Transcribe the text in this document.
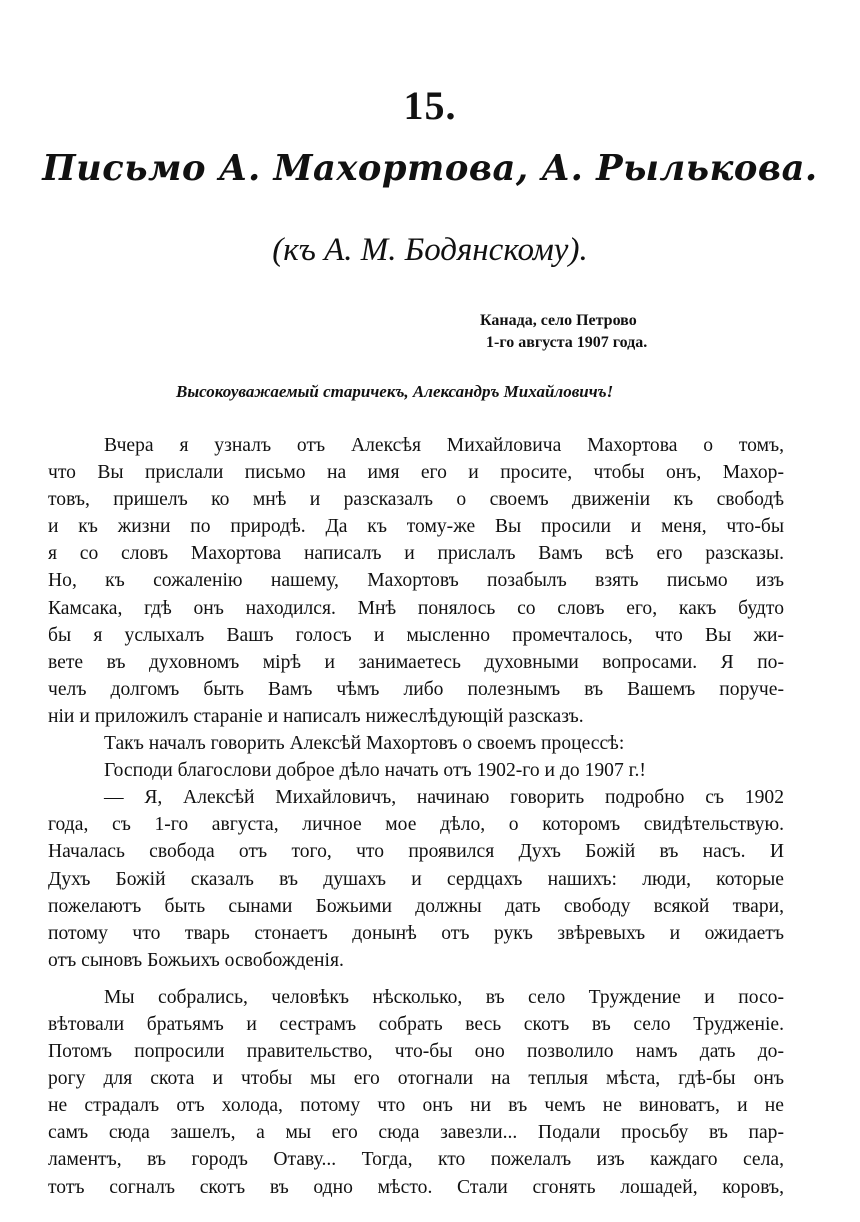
15.
Письмо А. Махортова, А. Рылькова.
(къ А. М. Бодянскому).
Канада, село Петрово
1-го августа 1907 года.
Высокоуважаемый старичекъ, Александръ Михайловичъ!
Вчера я узналъ отъ Алексѣя Михайловича Махортова о томъ,
что Вы прислали письмо на имя его и просите, чтобы онъ, Махор-
товъ, пришелъ ко мнѣ и разсказалъ о своемъ движенiи къ свободѣ
и къ жизни по природѣ. Да къ тому-же Вы просили и меня, что-бы
я со словъ Махортова написалъ и прислалъ Вамъ всѣ его разсказы.
Но, къ сожаленiю нашему, Махортовъ позабылъ взять письмо изъ
Камсака, гдѣ онъ находился. Мнѣ понялось со словъ его, какъ будто
бы я услыхалъ Вашъ голосъ и мысленно промечталось, что Вы жи-
вете въ духовномъ мiрѣ и занимаетесь духовными вопросами. Я по-
челъ долгомъ быть Вамъ чѣмъ либо полезнымъ въ Вашемъ поруче-
нiи и приложилъ старанiе и написалъ нижеслѣдующiй разсказъ.
Такъ началъ говорить Алексѣй Махортовъ о своемъ процессѣ:
Господи благослови доброе дѣло начать отъ 1902-го и до 1907 г.!
— Я, Алексѣй Михайловичъ, начинаю говорить подробно съ 1902
года, съ 1-го августа, личное мое дѣло, о которомъ свидѣтельствую.
Началась свобода отъ того, что проявился Духъ Божiй въ насъ. И
Духъ Божiй сказалъ въ душахъ и сердцахъ нашихъ: люди, которые
пожелаютъ быть сынами Божьими должны дать свободу всякой твари,
потому что тварь стонаетъ донынѣ отъ рукъ звѣревыхъ и ожидаетъ
отъ сыновъ Божьихъ освобожденiя.
Мы собрались, человѣкъ нѣсколько, въ село Труждение и посо-
вѣтовали братьямъ и сестрамъ собрать весь скотъ въ село Трудженiе.
Потомъ попросили правительство, что-бы оно позволило намъ дать до-
рогу для скота и чтобы мы его отогнали на теплыя мѣста, гдѣ-бы онъ
не страдалъ отъ холода, потому что онъ ни въ чемъ не виноватъ, и не
самъ сюда зашелъ, а мы его сюда завезли... Подали просьбу въ пар-
ламентъ, въ городъ Отаву... Тогда, кто пожелалъ изъ каждаго села,
тотъ согналъ скотъ въ одно мѣсто. Стали сгонять лошадей, коровъ,
